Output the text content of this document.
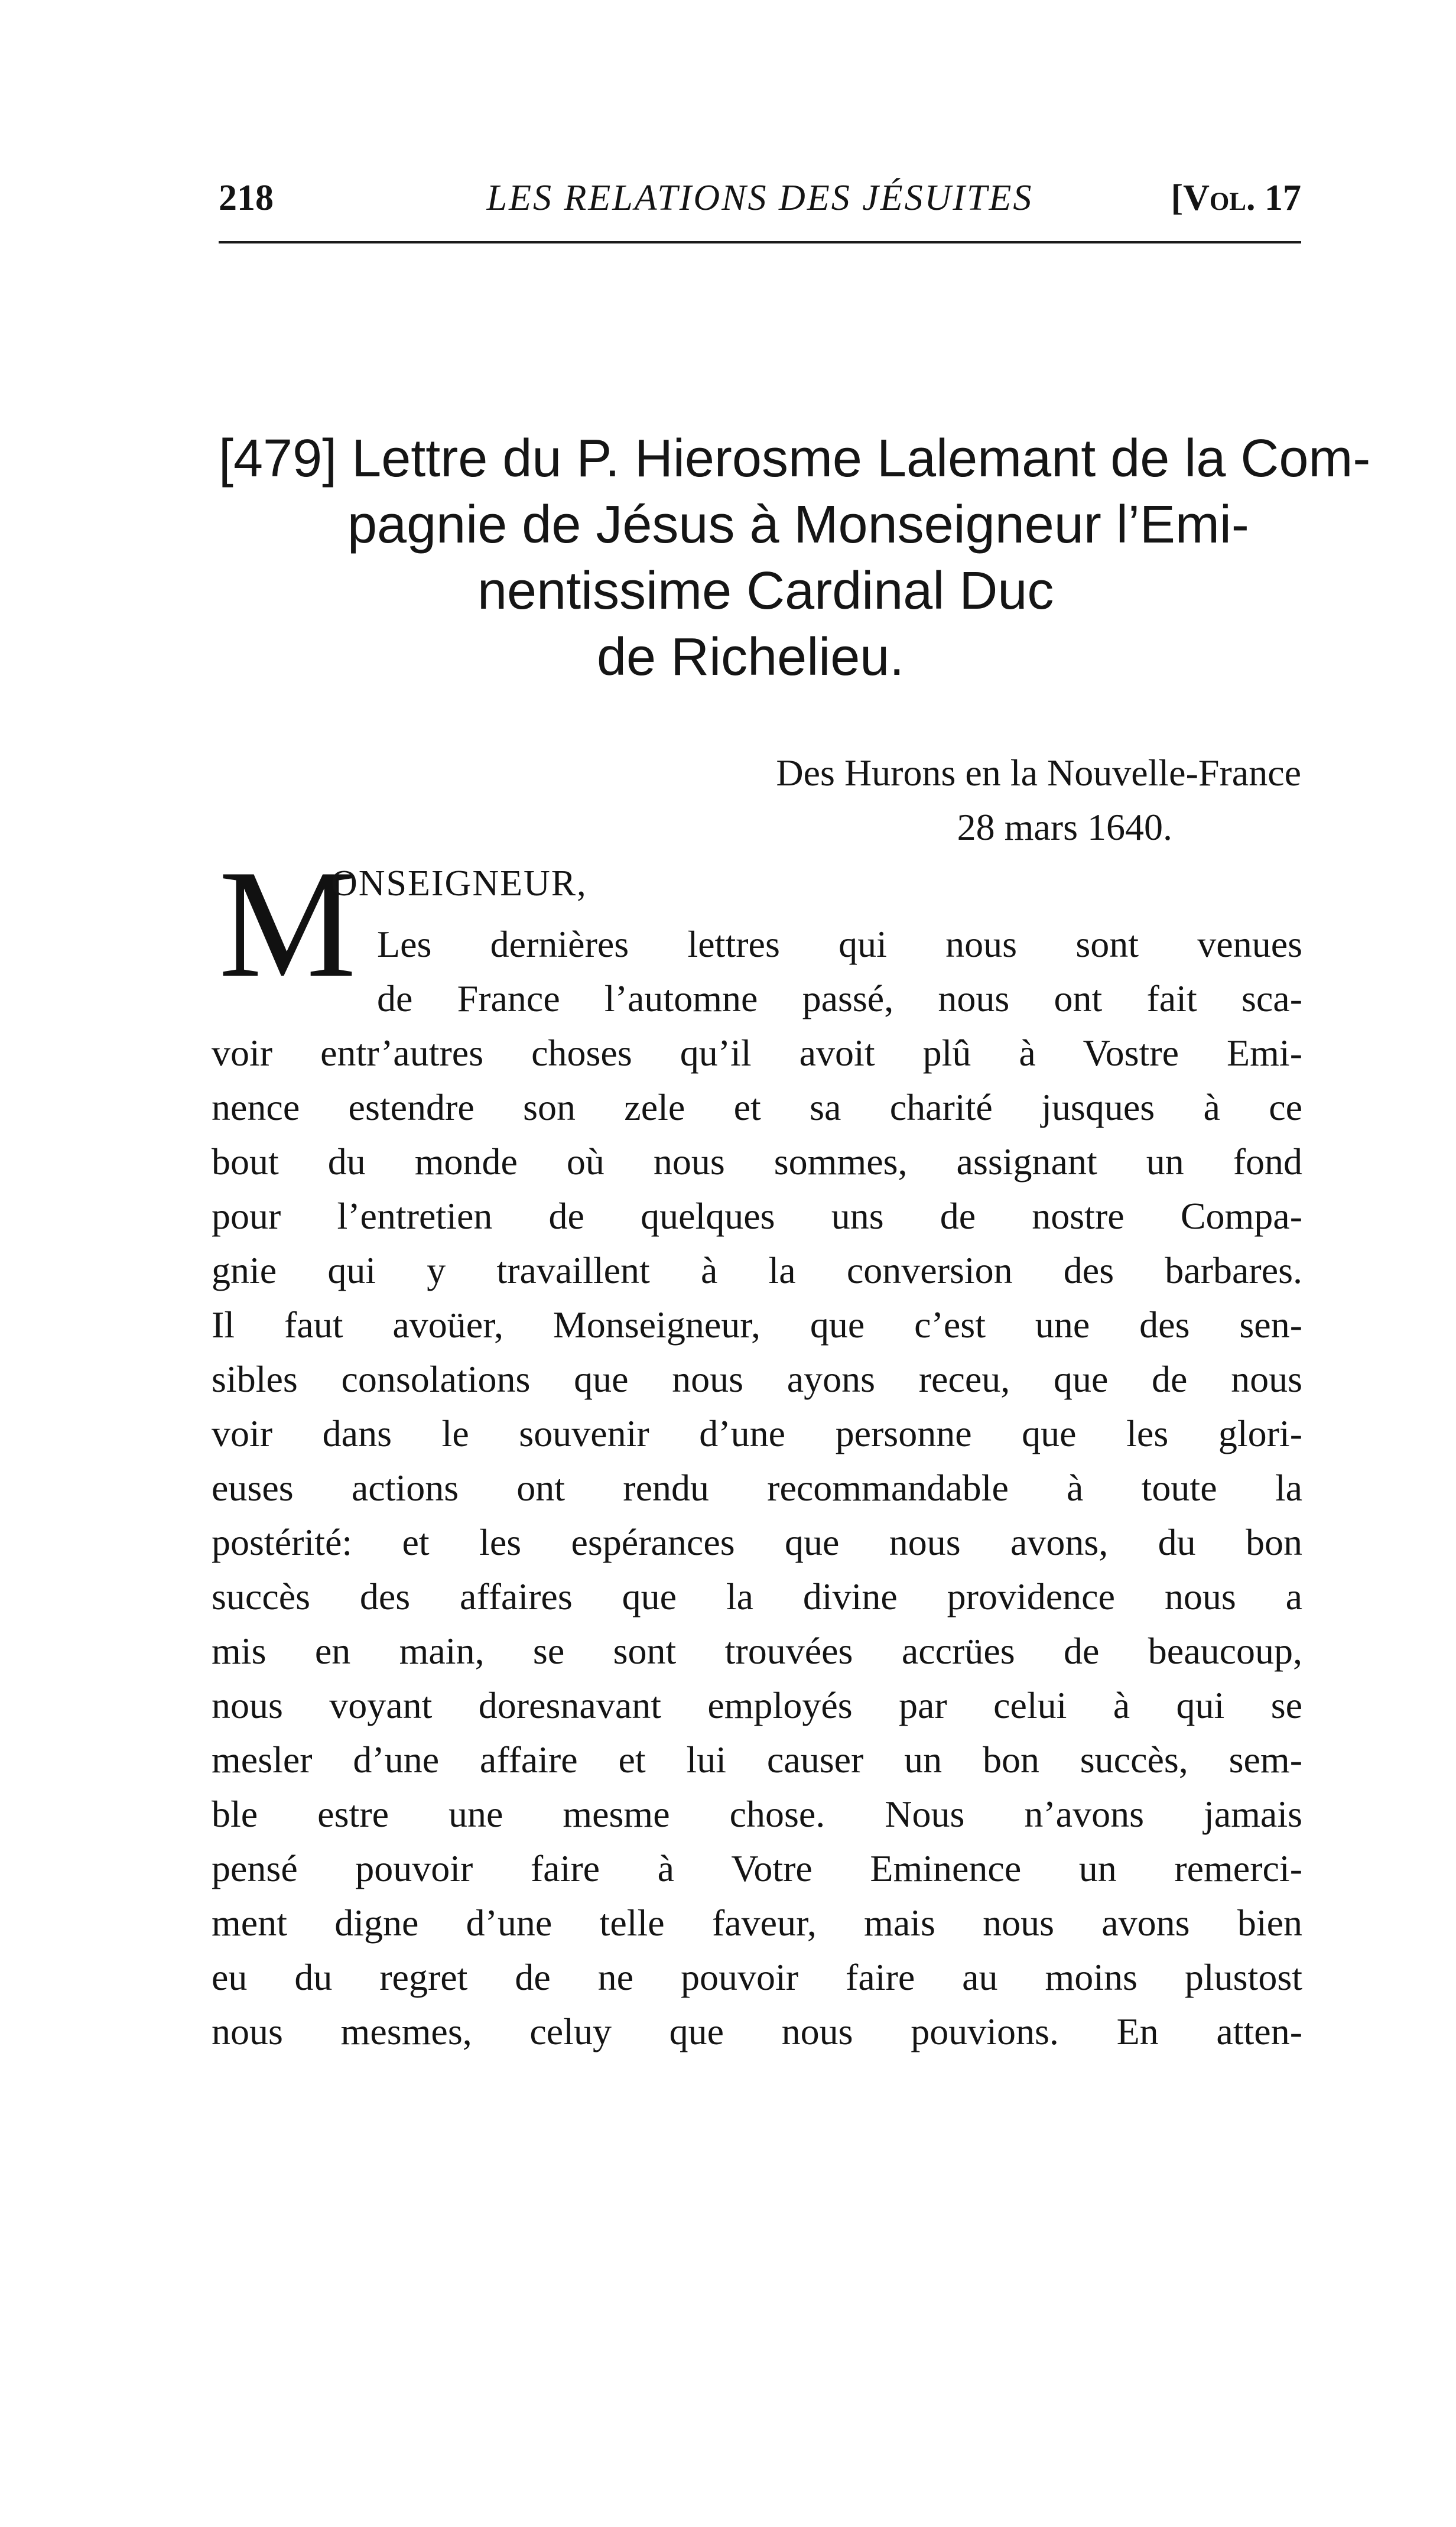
218	LES RELATIONS DES JÉSUITES	[Vol. 17
[479] Lettre du P. Hierosme Lalemant de la Com-
pagnie de Jésus à Monseigneur l’Emi-
nentissime Cardinal Duc
de Richelieu.
Des Hurons en la Nouvelle-France
28 mars 1640.
M
ONSEIGNEUR,
Les dernières lettres qui nous sont venues
de France l’automne passé, nous ont fait sca-
voir entr’autres choses qu’il avoit plû à Vostre Emi-
nence estendre son zele et sa charité jusques à ce
bout du monde où nous sommes, assignant un fond
pour l’entretien de quelques uns de nostre Compa-
gnie qui y travaillent à la conversion des barbares.
Il faut avoüer, Monseigneur, que c’est une des sen-
sibles consolations que nous ayons receu, que de nous
voir dans le souvenir d’une personne que les glori-
euses actions ont rendu recommandable à toute la
postérité: et les espérances que nous avons, du bon
succès des affaires que la divine providence nous a
mis en main, se sont trouvées accrües de beaucoup,
nous voyant doresnavant employés par celui à qui se
mesler d’une affaire et lui causer un bon succès, sem-
ble estre une mesme chose. Nous n’avons jamais
pensé pouvoir faire à Votre Eminence un remerci-
ment digne d’une telle faveur, mais nous avons bien
eu du regret de ne pouvoir faire au moins plustost
nous mesmes, celuy que nous pouvions. En atten-
